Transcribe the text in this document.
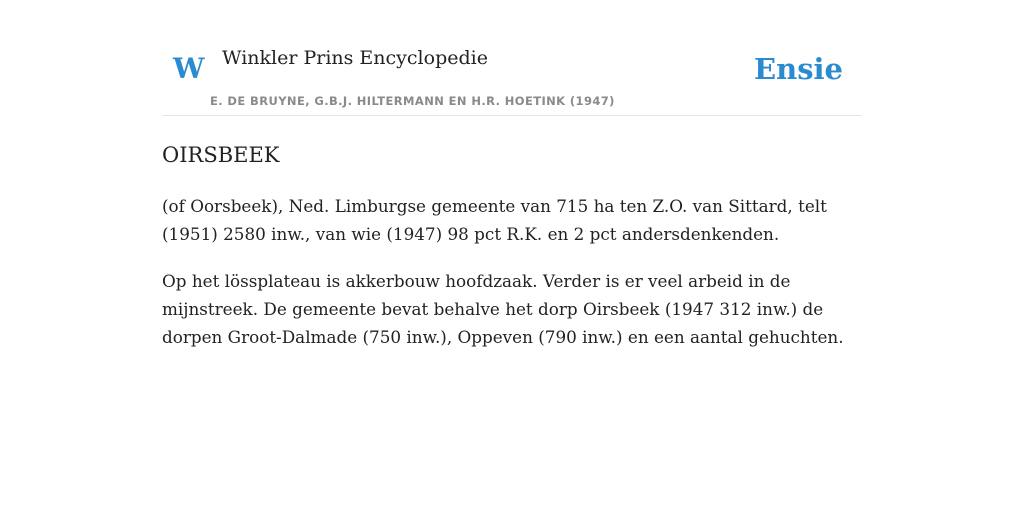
W Winkler Prins Encyclopedie
E. DE BRUYNE, G.B.J. HILTERMANN EN H.R. HOETINK (1947)
Ensie
OIRSBEEK

(of Oorsbeek), Ned. Limburgse gemeente van 715 ha ten Z.O. van Sittard, telt (1951) 2580 inw., van wie (1947) 98 pct R.K. en 2 pct andersdenkenden.

Op het lössplateau is akkerbouw hoofdzaak. Verder is er veel arbeid in de mijnstreek. De gemeente bevat behalve het dorp Oirsbeek (1947 312 inw.) de dorpen Groot-Dalmade (750 inw.), Oppeven (790 inw.) en een aantal gehuchten.
